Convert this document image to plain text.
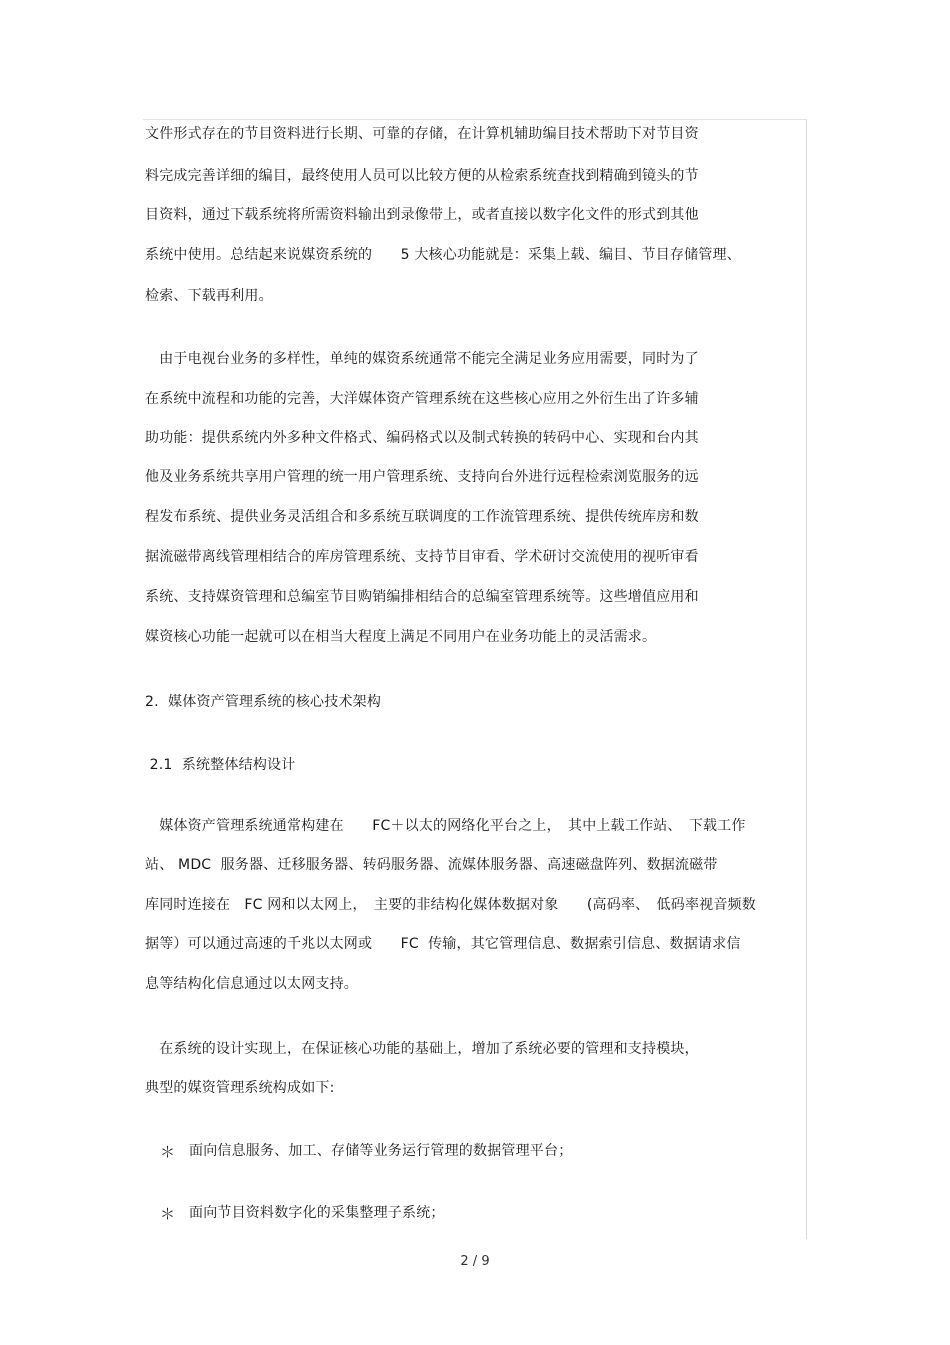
文件形式存在的节目资料进行长期、可靠的存储，在计算机辅助编目技术帮助下对节目资
料完成完善详细的编目，最终使用人员可以比较方便的从检索系统查找到精确到镜头的节
目资料，通过下载系统将所需资料输出到录像带上，或者直接以数字化文件的形式到其他
系统中使用。总结起来说媒资系统的　　5 大核心功能就是：采集上载、编目、节目存储管理、
检索、下载再利用。
　由于电视台业务的多样性，单纯的媒资系统通常不能完全满足业务应用需要，同时为了
在系统中流程和功能的完善，大洋媒体资产管理系统在这些核心应用之外衍生出了许多辅
助功能：提供系统内外多种文件格式、编码格式以及制式转换的转码中心、实现和台内其
他及业务系统共享用户管理的统一用户管理系统、支持向台外进行远程检索浏览服务的远
程发布系统、提供业务灵活组合和多系统互联调度的工作流管理系统、提供传统库房和数
据流磁带离线管理相结合的库房管理系统、支持节目审看、学术研讨交流使用的视听审看
系统、支持媒资管理和总编室节目购销编排相结合的总编室管理系统等。这些增值应用和
媒资核心功能一起就可以在相当大程度上满足不同用户在业务功能上的灵活需求。
2.  媒体资产管理系统的核心技术架构
2.1  系统整体结构设计
　媒体资产管理系统通常构建在　　FC＋以太的网络化平台之上，　其中上载工作站、　下载工作
站、 MDC  服务器、迁移服务器、转码服务器、流媒体服务器、高速磁盘阵列、数据流磁带
库同时连接在　FC 网和以太网上，　主要的非结构化媒体数据对象　　(高码率、　低码率视音频数
据等）可以通过高速的千兆以太网或　　FC  传输，其它管理信息、数据索引信息、数据请求信
息等结构化信息通过以太网支持。
　在系统的设计实现上，在保证核心功能的基础上，增加了系统必要的管理和支持模块，
典型的媒资管理系统构成如下:
＊ 面向信息服务、加工、存储等业务运行管理的数据管理平台；
＊ 面向节目资料数字化的采集整理子系统；
2 / 9
